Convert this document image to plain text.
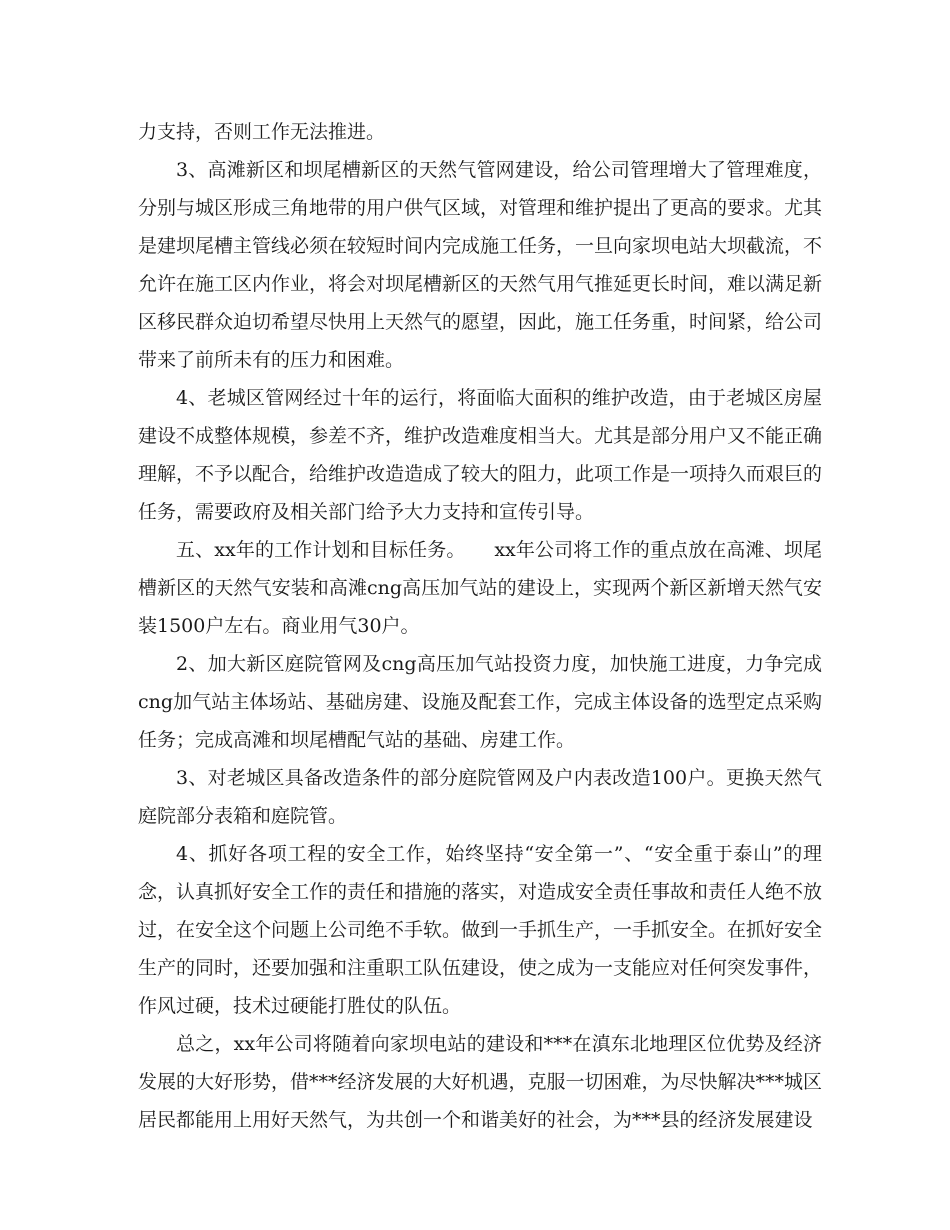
力支持，否则工作无法推进。

3、高滩新区和坝尾槽新区的天然气管网建设，给公司管理增大了管理难度，分别与城区形成三角地带的用户供气区域，对管理和维护提出了更高的要求。尤其是建坝尾槽主管线必须在较短时间内完成施工任务，一旦向家坝电站大坝截流，不允许在施工区内作业，将会对坝尾槽新区的天然气用气推延更长时间，难以满足新区移民群众迫切希望尽快用上天然气的愿望，因此，施工任务重，时间紧，给公司带来了前所未有的压力和困难。

4、老城区管网经过十年的运行，将面临大面积的维护改造，由于老城区房屋建设不成整体规模，参差不齐，维护改造难度相当大。尤其是部分用户又不能正确理解，不予以配合，给维护改造造成了较大的阻力，此项工作是一项持久而艰巨的任务，需要政府及相关部门给予大力支持和宣传引导。

五、xx年的工作计划和目标任务。　　xx年公司将工作的重点放在高滩、坝尾槽新区的天然气安装和高滩cng高压加气站的建设上，实现两个新区新增天然气安装1500户左右。商业用气30户。

2、加大新区庭院管网及cng高压加气站投资力度，加快施工进度，力争完成cng加气站主体场站、基础房建、设施及配套工作，完成主体设备的选型定点采购任务；完成高滩和坝尾槽配气站的基础、房建工作。

3、对老城区具备改造条件的部分庭院管网及户内表改造100户。更换天然气庭院部分表箱和庭院管。

4、抓好各项工程的安全工作，始终坚持“安全第一”、“安全重于泰山”的理念，认真抓好安全工作的责任和措施的落实，对造成安全责任事故和责任人绝不放过，在安全这个问题上公司绝不手软。做到一手抓生产，一手抓安全。在抓好安全生产的同时，还要加强和注重职工队伍建设，使之成为一支能应对任何突发事件，作风过硬，技术过硬能打胜仗的队伍。

总之，xx年公司将随着向家坝电站的建设和***在滇东北地理区位优势及经济发展的大好形势，借***经济发展的大好机遇，克服一切困难，为尽快解决***城区居民都能用上用好天然气，为共创一个和谐美好的社会，为***县的经济发展建设
